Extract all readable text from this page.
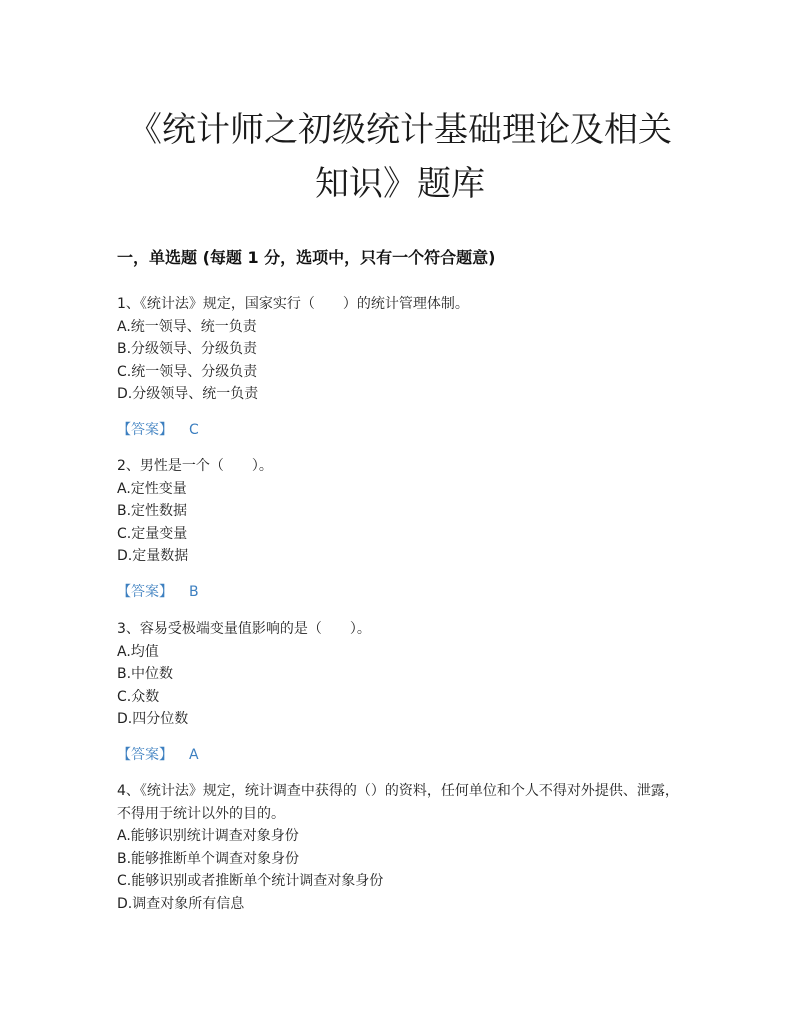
《统计师之初级统计基础理论及相关
知识》题库
一，单选题 (每题 1 分，选项中，只有一个符合题意)

1、《统计法》规定，国家实行（　　）的统计管理体制。

A.统一领导、统一负责

B.分级领导、分级负责

C.统一领导、分级负责

D.分级领导、统一负责

【答案】 C

2、男性是一个（　　）。

A.定性变量

B.定性数据

C.定量变量

D.定量数据

【答案】 B

3、容易受极端变量值影响的是（　　）。

A.均值

B.中位数

C.众数

D.四分位数

【答案】 A

4、《统计法》规定，统计调查中获得的（）的资料，任何单位和个人不得对外提供、泄露，不得用于统计以外的目的。

A.能够识别统计调查对象身份

B.能够推断单个调查对象身份

C.能够识别或者推断单个统计调查对象身份

D.调查对象所有信息
